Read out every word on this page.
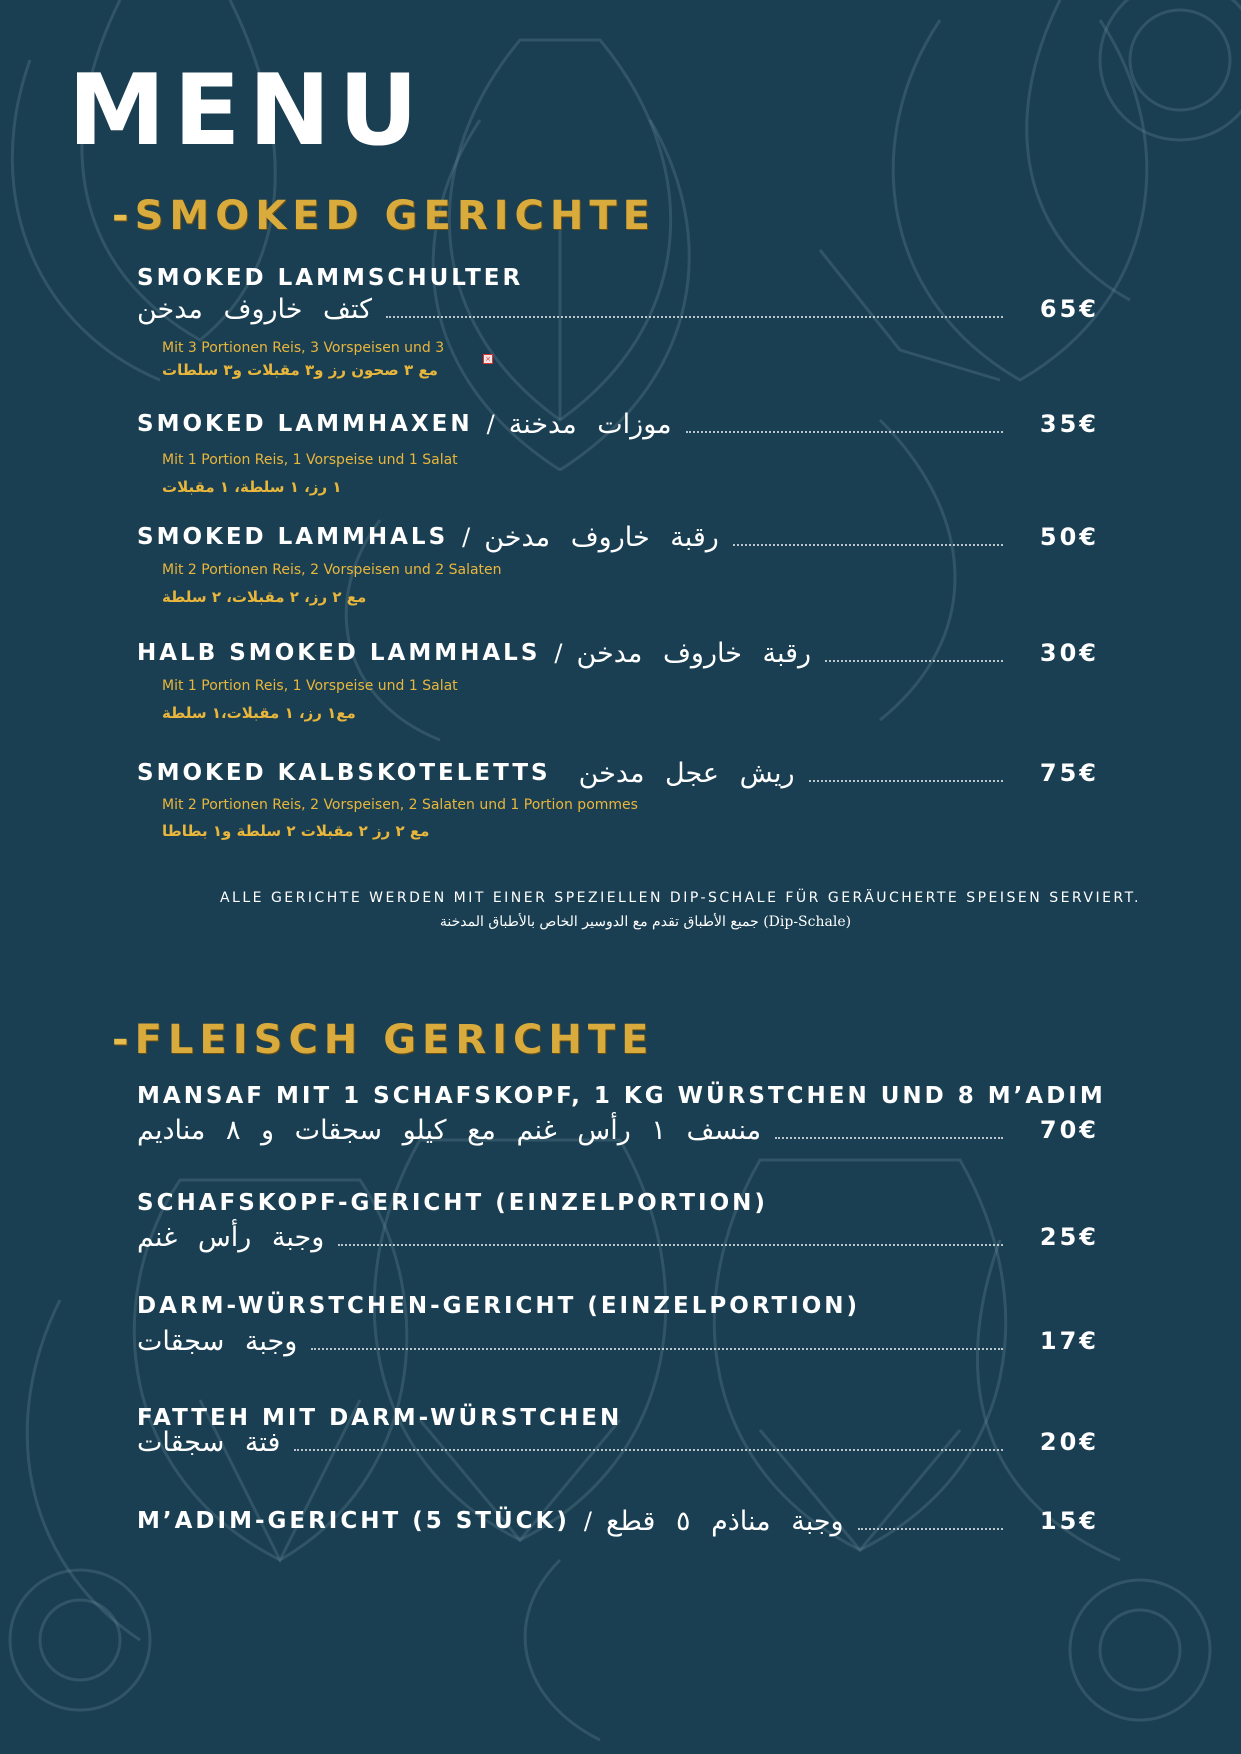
MENU
-SMOKED GERICHTE
SMOKED LAMMSCHULTER
كتف خاروف مدخن	65€
Mit 3 Portionen Reis, 3 Vorspeisen und 3
×
مع ٣ صحون رز و٣ مقبلات و٣ سلطات
SMOKED LAMMHAXEN / موزات مدخنة	35€
Mit 1 Portion Reis, 1 Vorspeise und 1 Salat
١ رز، ١ سلطة، ١ مقبلات
SMOKED LAMMHALS / رقبة خاروف مدخن	50€
Mit 2 Portionen Reis, 2 Vorspeisen und 2 Salaten
مع ٢ رز، ٢ مقبلات، ٢ سلطة
HALB SMOKED LAMMHALS / رقبة خاروف مدخن	30€
Mit 1 Portion Reis, 1 Vorspeise und 1 Salat
مع١ رز، ١ مقبلات،١ سلطة
SMOKED KALBSKOTELETTS ريش عجل مدخن	75€
Mit 2 Portionen Reis, 2 Vorspeisen, 2 Salaten und 1 Portion pommes
مع ٢ رز ٢ مقبلات ٢ سلطة و١ بطاطا
ALLE GERICHTE WERDEN MIT EINER SPEZIELLEN DIP-SCHALE FÜR GERÄUCHERTE SPEISEN SERVIERT.
جميع الأطباق تقدم مع الدوسير الخاص بالأطباق المدخنة (Dip-Schale)
-FLEISCH GERICHTE
MANSAF MIT 1 SCHAFSKOPF, 1 KG WÜRSTCHEN UND 8 M’ADIM
منسف ١ رأس غنم مع كيلو سجقات و ٨ مناديم	70€
SCHAFSKOPF-GERICHT (EINZELPORTION)
وجبة رأس غنم	25€
DARM-WÜRSTCHEN-GERICHT (EINZELPORTION)
وجبة سجقات	17€
FATTEH MIT DARM-WÜRSTCHEN
فتة سجقات	20€
M’ADIM-GERICHT (5 STÜCK) / وجبة مناذم ٥ قطع	15€
